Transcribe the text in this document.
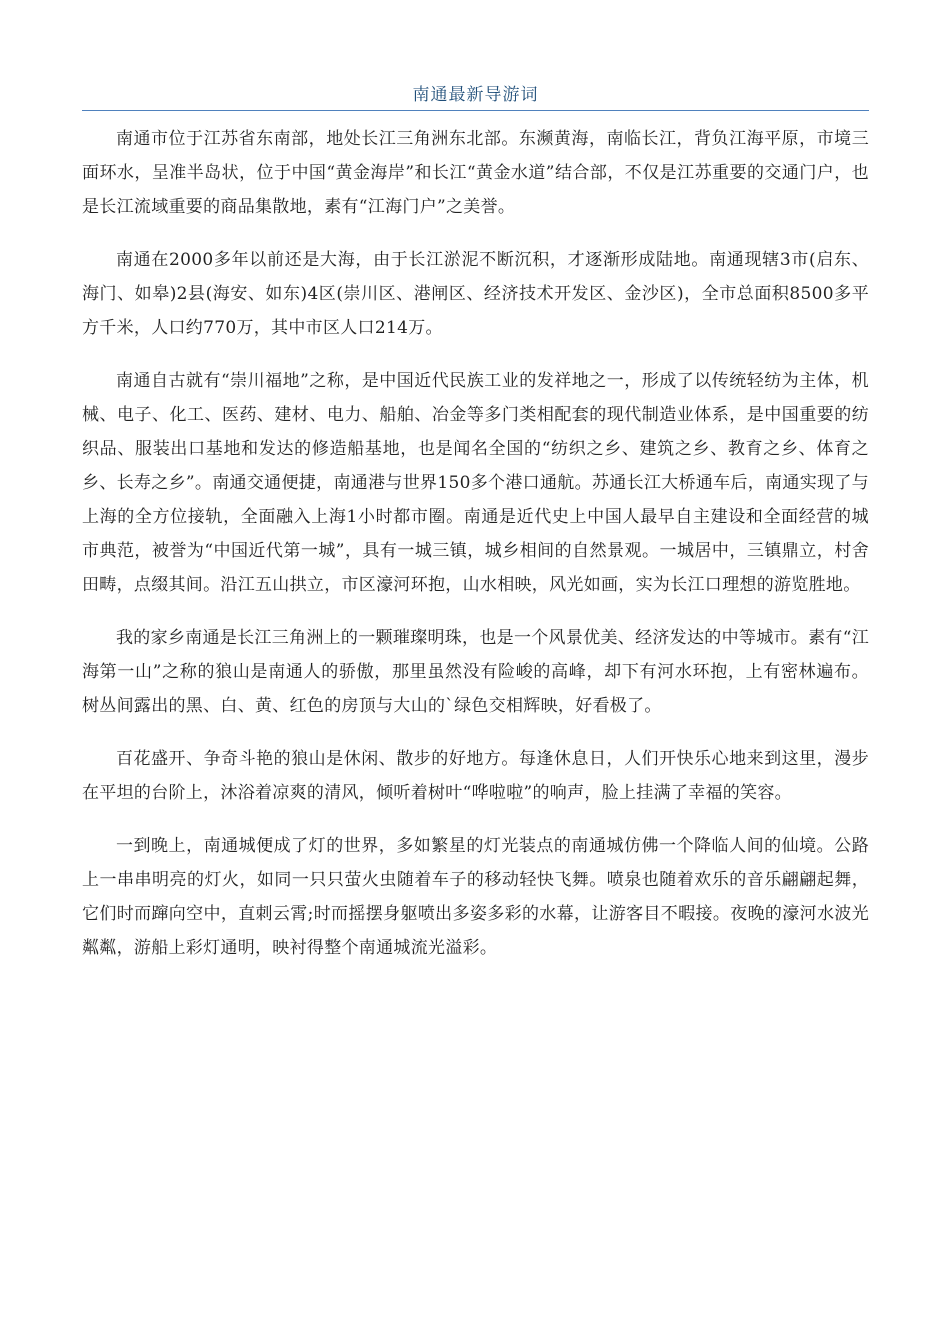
南通最新导游词

南通市位于江苏省东南部，地处长江三角洲东北部。东濒黄海，南临长江，背负江海平原，市境三面环水，呈准半岛状，位于中国“黄金海岸”和长江“黄金水道”结合部，不仅是江苏重要的交通门户，也是长江流域重要的商品集散地，素有“江海门户”之美誉。

南通在2000多年以前还是大海，由于长江淤泥不断沉积，才逐渐形成陆地。南通现辖3市(启东、海门、如皋)2县(海安、如东)4区(崇川区、港闸区、经济技术开发区、金沙区)，全市总面积8500多平方千米，人口约770万，其中市区人口214万。

南通自古就有“崇川福地”之称，是中国近代民族工业的发祥地之一，形成了以传统轻纺为主体，机械、电子、化工、医药、建材、电力、船舶、冶金等多门类相配套的现代制造业体系，是中国重要的纺织品、服装出口基地和发达的修造船基地，也是闻名全国的“纺织之乡、建筑之乡、教育之乡、体育之乡、长寿之乡”。南通交通便捷，南通港与世界150多个港口通航。苏通长江大桥通车后，南通实现了与上海的全方位接轨，全面融入上海1小时都市圈。南通是近代史上中国人最早自主建设和全面经营的城市典范，被誉为“中国近代第一城”，具有一城三镇，城乡相间的自然景观。一城居中，三镇鼎立，村舍田畴，点缀其间。沿江五山拱立，市区濠河环抱，山水相映，风光如画，实为长江口理想的游览胜地。

我的家乡南通是长江三角洲上的一颗璀璨明珠，也是一个风景优美、经济发达的中等城市。素有“江海第一山”之称的狼山是南通人的骄傲，那里虽然没有险峻的高峰，却下有河水环抱，上有密林遍布。树丛间露出的黑、白、黄、红色的房顶与大山的`绿色交相辉映，好看极了。

百花盛开、争奇斗艳的狼山是休闲、散步的好地方。每逢休息日，人们开快乐心地来到这里，漫步在平坦的台阶上，沐浴着凉爽的清风，倾听着树叶“哗啦啦”的响声，脸上挂满了幸福的笑容。

一到晚上，南通城便成了灯的世界，多如繁星的灯光装点的南通城仿佛一个降临人间的仙境。公路上一串串明亮的灯火，如同一只只萤火虫随着车子的移动轻快飞舞。喷泉也随着欢乐的音乐翩翩起舞，它们时而蹿向空中，直刺云霄;时而摇摆身躯喷出多姿多彩的水幕，让游客目不暇接。夜晚的濠河水波光粼粼，游船上彩灯通明，映衬得整个南通城流光溢彩。
